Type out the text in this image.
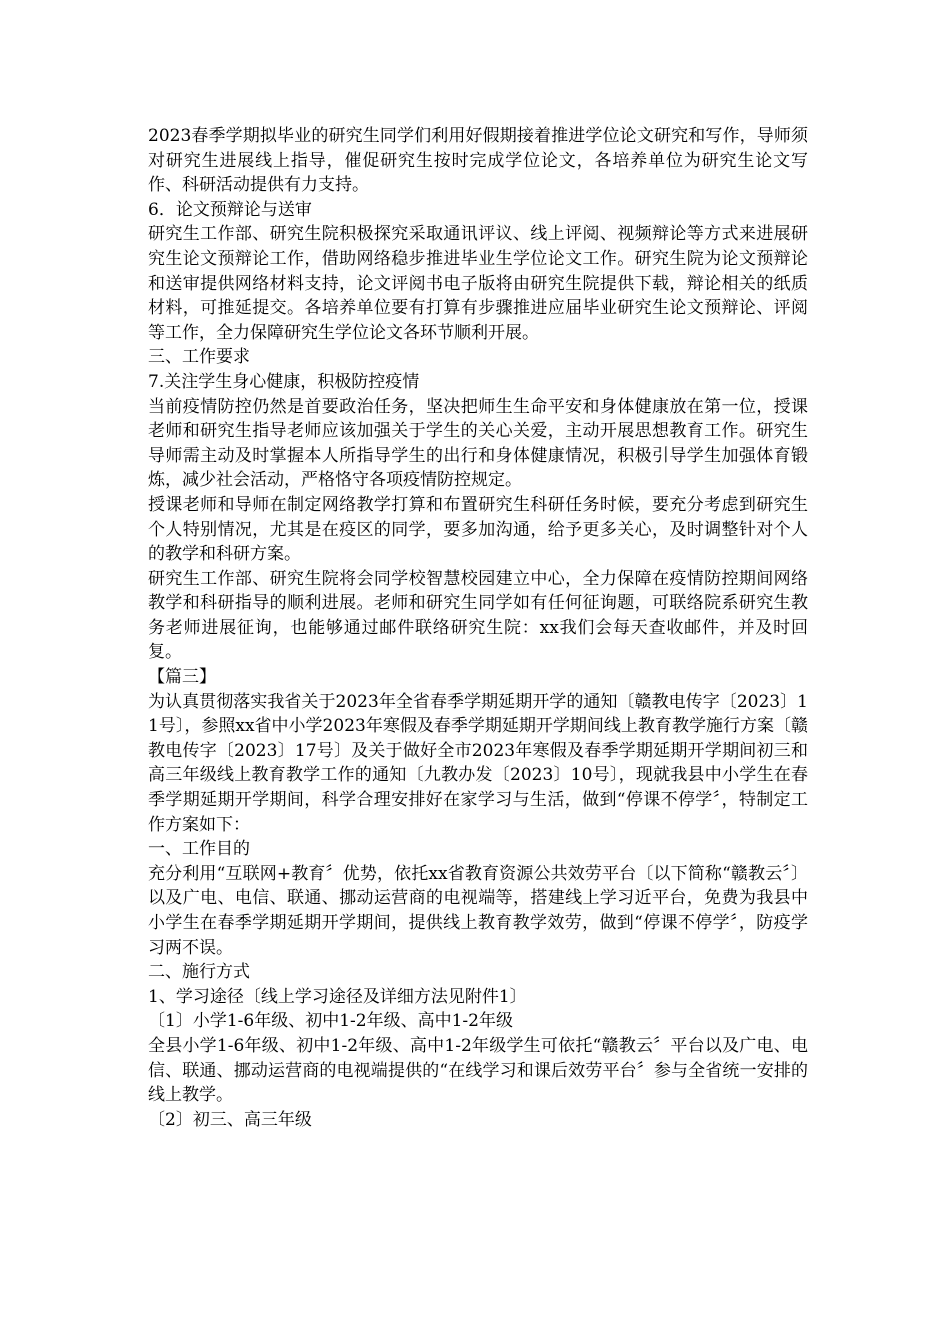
2023春季学期拟毕业的研究生同学们利用好假期接着推进学位论文研究和写作，导师须对研究生进展线上指导，催促研究生按时完成学位论文，各培养单位为研究生论文写作、科研活动提供有力支持。

6．论文预辩论与送审

研究生工作部、研究生院积极探究采取通讯评议、线上评阅、视频辩论等方式来进展研究生论文预辩论工作，借助网络稳步推进毕业生学位论文工作。研究生院为论文预辩论和送审提供网络材料支持，论文评阅书电子版将由研究生院提供下载，辩论相关的纸质材料，可推延提交。各培养单位要有打算有步骤推进应届毕业研究生论文预辩论、评阅等工作，全力保障研究生学位论文各环节顺利开展。

三、工作要求

7.关注学生身心健康，积极防控疫情

当前疫情防控仍然是首要政治任务，坚决把师生生命平安和身体健康放在第一位，授课老师和研究生指导老师应该加强关于学生的关心关爱，主动开展思想教育工作。研究生导师需主动及时掌握本人所指导学生的出行和身体健康情况，积极引导学生加强体育锻炼，减少社会活动，严格恪守各项疫情防控规定。

授课老师和导师在制定网络教学打算和布置研究生科研任务时候，要充分考虑到研究生个人特别情况，尤其是在疫区的同学，要多加沟通，给予更多关心，及时调整针对个人的教学和科研方案。

研究生工作部、研究生院将会同学校智慧校园建立中心，全力保障在疫情防控期间网络教学和科研指导的顺利进展。老师和研究生同学如有任何征询题，可联络院系研究生教务老师进展征询，也能够通过邮件联络研究生院：xx我们会每天查收邮件，并及时回复。

【篇三】

为认真贯彻落实我省关于2023年全省春季学期延期开学的通知〔赣教电传字〔2023〕11号〕，参照xx省中小学2023年寒假及春季学期延期开学期间线上教育教学施行方案〔赣教电传字〔2023〕17号〕及关于做好全市2023年寒假及春季学期延期开学期间初三和高三年级线上教育教学工作的通知〔九教办发〔2023〕10号〕，现就我县中小学生在春季学期延期开学期间，科学合理安排好在家学习与生活，做到“停课不停学〞，特制定工作方案如下：

一、工作目的

充分利用“互联网+教育〞优势，依托xx省教育资源公共效劳平台〔以下简称“赣教云〞〕以及广电、电信、联通、挪动运营商的电视端等，搭建线上学习近平台，免费为我县中小学生在春季学期延期开学期间，提供线上教育教学效劳，做到“停课不停学〞，防疫学习两不误。

二、施行方式

1、学习途径〔线上学习途径及详细方法见附件1〕

〔1〕小学1-6年级、初中1-2年级、高中1-2年级

全县小学1-6年级、初中1-2年级、高中1-2年级学生可依托“赣教云〞平台以及广电、电信、联通、挪动运营商的电视端提供的“在线学习和课后效劳平台〞参与全省统一安排的线上教学。

〔2〕初三、高三年级
